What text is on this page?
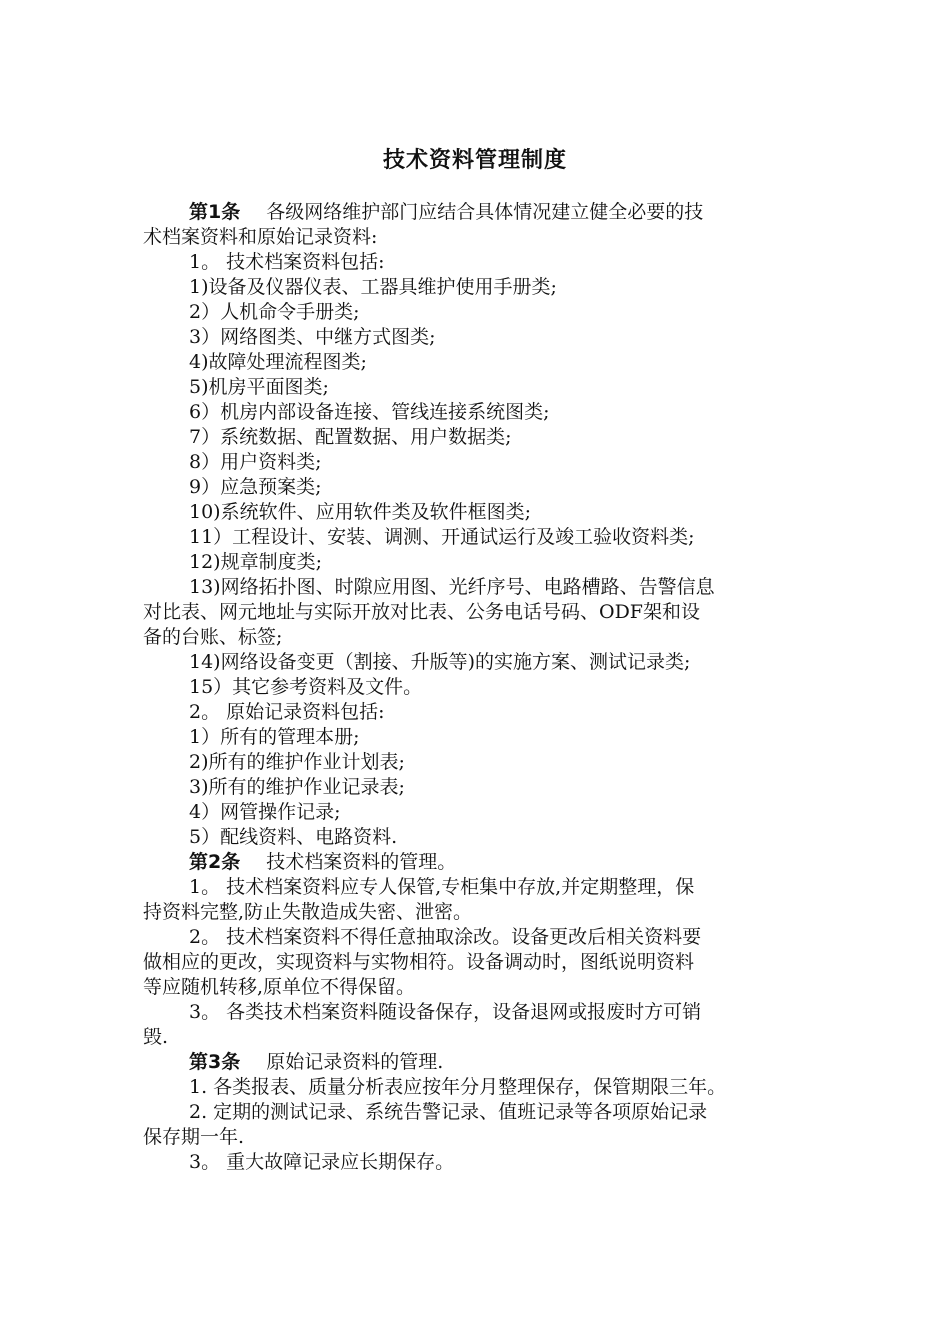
技术资料管理制度

第1条 各级网络维护部门应结合具体情况建立健全必要的技

术档案资料和原始记录资料:

1。 技术档案资料包括:

1)设备及仪器仪表、工器具维护使用手册类;

2）人机命令手册类;

3）网络图类、中继方式图类;

4)故障处理流程图类;

5)机房平面图类;

6）机房内部设备连接、管线连接系统图类;

7）系统数据、配置数据、用户数据类;

8）用户资料类;

9）应急预案类;

10)系统软件、应用软件类及软件框图类;

11）工程设计、安装、调测、开通试运行及竣工验收资料类;

12)规章制度类;

13)网络拓扑图、时隙应用图、光纤序号、电路槽路、告警信息

对比表、网元地址与实际开放对比表、公务电话号码、ODF架和设

备的台账、标签;

14)网络设备变更（割接、升版等)的实施方案、测试记录类;

15）其它参考资料及文件。

2。 原始记录资料包括:

1）所有的管理本册;

2)所有的维护作业计划表;

3)所有的维护作业记录表;

4）网管操作记录;

5）配线资料、电路资料.

第2条 技术档案资料的管理。

1。 技术档案资料应专人保管,专柜集中存放,并定期整理，保

持资料完整,防止失散造成失密、泄密。

2。 技术档案资料不得任意抽取涂改。设备更改后相关资料要

做相应的更改，实现资料与实物相符。设备调动时，图纸说明资料

等应随机转移,原单位不得保留。

3。 各类技术档案资料随设备保存，设备退网或报废时方可销

毁.

第3条 原始记录资料的管理.

1. 各类报表、质量分析表应按年分月整理保存，保管期限三年。

2. 定期的测试记录、系统告警记录、值班记录等各项原始记录

保存期一年.

3。 重大故障记录应长期保存。
